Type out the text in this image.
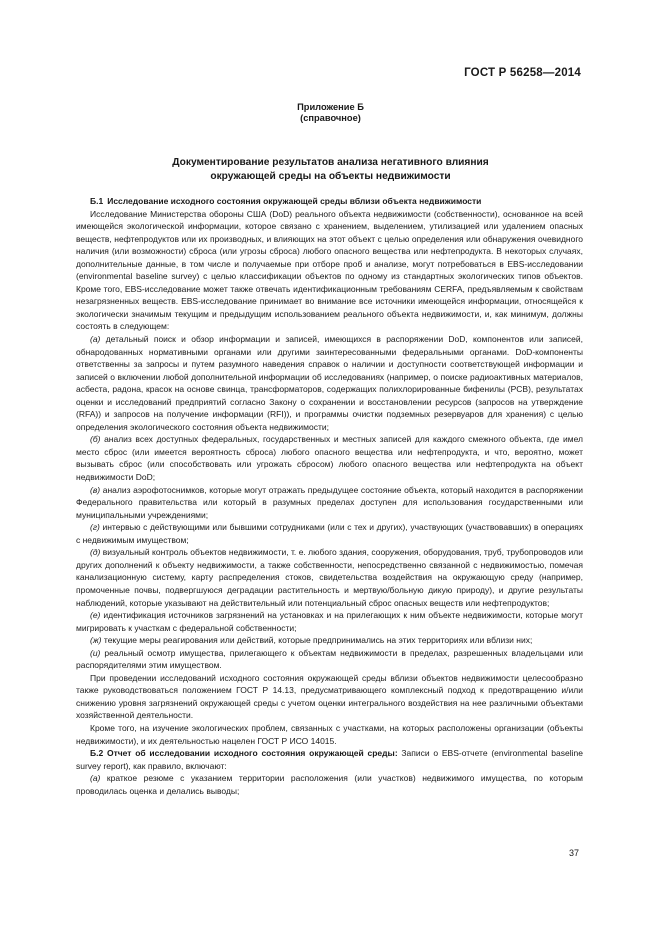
ГОСТ Р 56258—2014
Приложение Б
(справочное)
Документирование результатов анализа негативного влияния
окружающей среды на объекты недвижимости

Б.1 Исследование исходного состояния окружающей среды вблизи объекта недвижимости

Исследование Министерства обороны США (DoD) реального объекта недвижимости (собственности), основанное на всей имеющейся экологической информации, которое связано с хранением, выделением, утилизацией или удалением опасных веществ, нефтепродуктов или их производных, и влияющих на этот объект с целью определения или обнаружения очевидного наличия (или возможности) сброса (или угрозы сброса) любого опасного вещества или нефтепродукта. В некоторых случаях, дополнительные данные, в том числе и получаемые при отборе проб и анализе, могут потребоваться в EBS-исследовании (environmental baseline survey) с целью классификации объектов по одному из стандартных экологических типов объектов. Кроме того, EBS-исследование может также отвечать идентификационным требованиям CERFA, предъявляемым к свойствам незагрязненных веществ. EBS-исследование принимает во внимание все источники имеющейся информации, относящейся к экологически значимым текущим и предыдущим использованием реального объекта недвижимости, и, как минимум, должны состоять в следующем:

(а) детальный поиск и обзор информации и записей, имеющихся в распоряжении DoD, компонентов или записей, обнародованных нормативными органами или другими заинтересованными федеральными органами. DoD-компоненты ответственны за запросы и путем разумного наведения справок о наличии и доступности соответствующей информации и записей о включении любой дополнительной информации об исследованиях (например, о поиске радиоактивных материалов, асбеста, радона, красок на основе свинца, трансформаторов, содержащих полихлорированные бифенилы (PCB), результатах оценки и исследований предприятий согласно Закону о сохранении и восстановлении ресурсов (запросов на утверждение (RFA)) и запросов на получение информации (RFI)), и программы очистки подземных резервуаров для хранения) с целью определения экологического состояния объекта недвижимости;

(б) анализ всех доступных федеральных, государственных и местных записей для каждого смежного объекта, где имел место сброс (или имеется вероятность сброса) любого опасного вещества или нефтепродукта, и что, вероятно, может вызывать сброс (или способствовать или угрожать сбросом) любого опасного вещества или нефтепродукта на объект недвижимости DoD;

(в) анализ аэрофотоснимков, которые могут отражать предыдущее состояние объекта, который находится в распоряжении Федерального правительства или который в разумных пределах доступен для использования государственными или муниципальными учреждениями;

(г) интервью с действующими или бывшими сотрудниками (или с тех и других), участвующих (участвовавших) в операциях с недвижимым имуществом;

(д) визуальный контроль объектов недвижимости, т. е. любого здания, сооружения, оборудования, труб, трубопроводов или других дополнений к объекту недвижимости, а также собственности, непосредственно связанной с недвижимостью, помечая канализационную систему, карту распределения стоков, свидетельства воздействия на окружающую среду (например, промоченные почвы, подвергшуюся деградации растительность и мертвую/больную дикую природу), и другие результаты наблюдений, которые указывают на действительный или потенциальный сброс опасных веществ или нефтепродуктов;

(е) идентификация источников загрязнений на установках и на прилегающих к ним объекте недвижимости, которые могут мигрировать к участкам с федеральной собственности;

(ж) текущие меры реагирования или действий, которые предпринимались на этих территориях или вблизи них;

(и) реальный осмотр имущества, прилегающего к объектам недвижимости в пределах, разрешенных владельцами или распорядителями этим имуществом.

При проведении исследований исходного состояния окружающей среды вблизи объектов недвижимости целесообразно также руководствоваться положением ГОСТ Р 14.13, предусматривающего комплексный подход к предотвращению и/или снижению уровня загрязнений окружающей среды с учетом оценки интегрального воздействия на нее различными объектами хозяйственной деятельности.

Кроме того, на изучение экологических проблем, связанных с участками, на которых расположены организации (объекты недвижимости), и их деятельностью нацелен ГОСТ Р ИСО 14015.

Б.2 Отчет об исследовании исходного состояния окружающей среды: Записи о EBS-отчете (environmental baseline survey report), как правило, включают:

(а) краткое резюме с указанием территории расположения (или участков) недвижимого имущества, по которым проводилась оценка и делались выводы;

37
